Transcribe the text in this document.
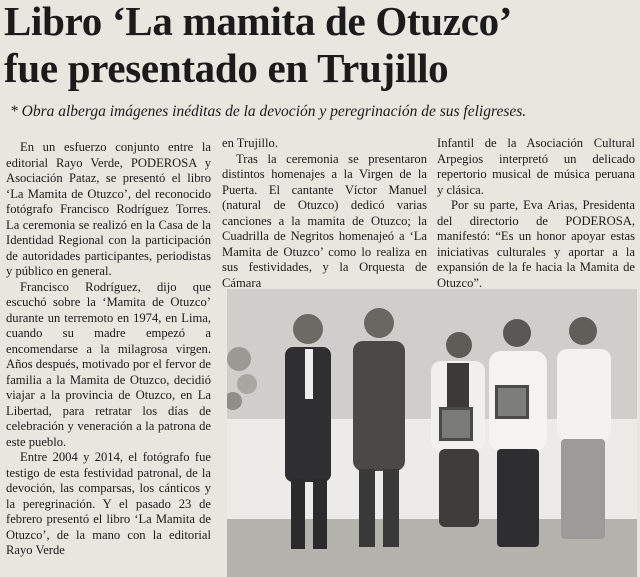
Libro ‘La mamita de Otuzco’
fue presentado en Trujillo
* Obra alberga imágenes inéditas de la devoción y peregrinación de sus feligreses.

En un esfuerzo conjunto entre la editorial Rayo Verde, PODEROSA y Asociación Pataz, se presentó el libro ‘La Mamita de Otuzco’, del reconocido fotógrafo Francisco Rodríguez Torres. La ceremonia se realizó en la Casa de la Identidad Regional con la participación de autoridades participantes, periodistas y público en general.

Francisco Rodríguez, dijo que escuchó sobre la ‘Mamita de Otuzco’ durante un terremoto en 1974, en Lima, cuando su madre empezó a encomendarse a la milagrosa virgen. Años después, motivado por el fervor de familia a la Mamita de Otuzco, decidió viajar a la provincia de Otuzco, en La Libertad, para retratar los días de celebración y veneración a la patrona de este pueblo.

Entre 2004 y 2014, el fotógrafo fue testigo de esta festividad patronal, de la devoción, las comparsas, los cánticos y la peregrinación. Y el pasado 23 de febrero presentó el libro ‘La Mamita de Otuzco’, de la mano con la editorial Rayo Verde

en Trujillo.

Tras la ceremonia se presentaron distintos homenajes a la Virgen de la Puerta. El cantante Víctor Manuel (natural de Otuzco) dedicó varias canciones a la mamita de Otuzco; la Cuadrilla de Negritos homenajeó a ‘La Mamita de Otuzco’ como lo realiza en sus festividades, y la Orquesta de Cámara

Infantil de la Asociación Cultural Arpegios interpretó un delicado repertorio musical de música peruana y clásica.

Por su parte, Eva Arias, Presidenta del directorio de PODEROSA, manifestó: “Es un honor apoyar estas iniciativas culturales y aportar a la expansión de la fe hacia la Mamita de Otuzco”.
